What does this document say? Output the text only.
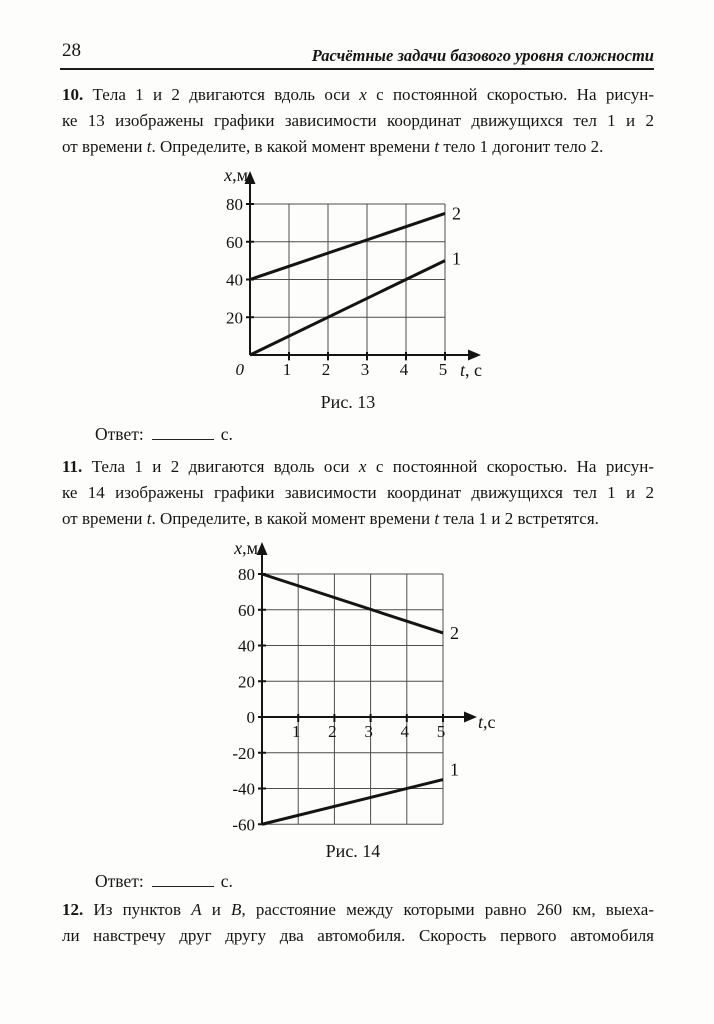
28	Расчётные задачи базового уровня сложности
10. Тела 1 и 2 двигаются вдоль оси x с постоянной скоростью. На рисун-
ке 13 изображены графики зависимости координат движущихся тел 1 и 2
от времени t. Определите, в какой момент времени t тело 1 догонит тело 2.
20
40
60
80
1 2 3 4 5
0
x,м
t, с
2
1
Рис. 13
Ответ:	с.
11. Тела 1 и 2 двигаются вдоль оси x с постоянной скоростью. На рисун-
ке 14 изображены графики зависимости координат движущихся тел 1 и 2
от времени t. Определите, в какой момент времени t тела 1 и 2 встретятся.
-60
-40
-20
0
20
40
60
80
1 2 3 4 5
x,м
t,с
2
1
Рис. 14
Ответ:	с.
12. Из пунктов A и B, расстояние между которыми равно 260 км, выеха-
ли навстречу друг другу два автомобиля. Скорость первого автомобиля
